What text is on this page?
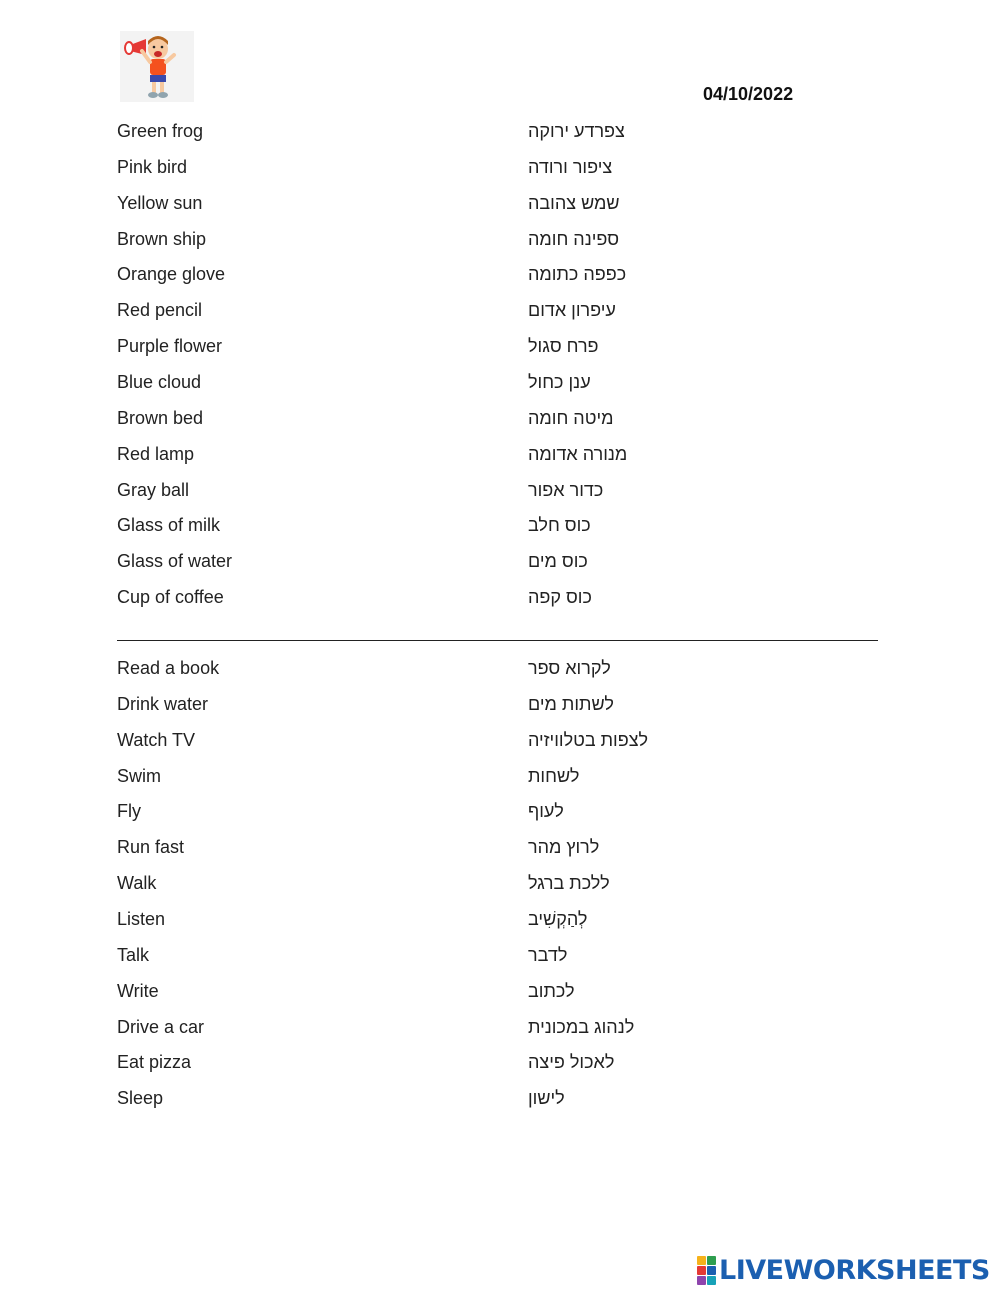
04/10/2022
Green frog	צפרדע ירוקה
Pink bird	ציפור ורודה
Yellow sun	שמש צהובה
Brown ship	ספינה חומה
Orange glove	כפפה כתומה
Red pencil	עיפרון אדום
Purple flower	פרח סגול
Blue cloud	ענן כחול
Brown bed	מיטה חומה
Red lamp	מנורה אדומה
Gray ball	כדור אפור
Glass of milk	כוס חלב
Glass of water	כוס מים
Cup of coffee	כוס קפה
Read a book	לקרוא ספר
Drink water	לשתות מים
Watch TV	לצפות בטלוויזיה
Swim	לשחות
Fly	לעוף
Run fast	לרוץ מהר
Walk	ללכת ברגל
Listen	לְהַקְשִׁיב
Talk	לדבר
Write	לכתוב
Drive a car	לנהוג במכונית
Eat pizza	לאכול פיצה
Sleep	לישון
LIVEWORKSHEETS
